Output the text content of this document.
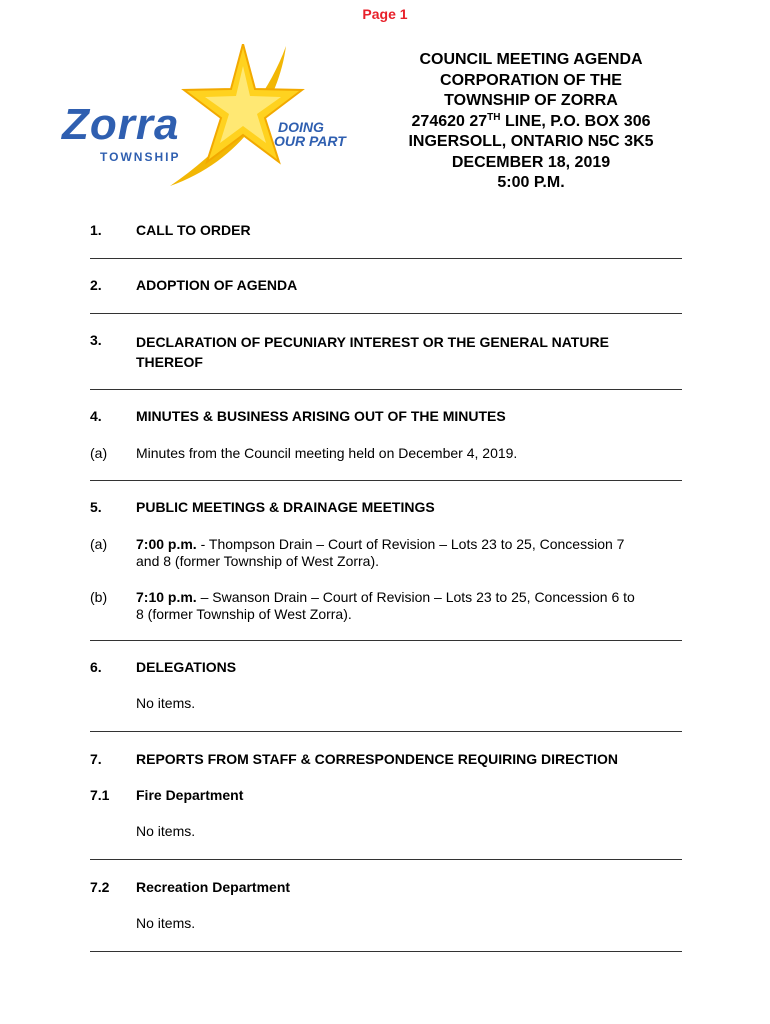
Page 1
Zorra
TOWNSHIP
DOING
OUR PART
COUNCIL MEETING AGENDA
CORPORATION OF THE
TOWNSHIP OF ZORRA
274620 27TH LINE, P.O. BOX 306
INGERSOLL, ONTARIO N5C 3K5
DECEMBER 18, 2019
5:00 P.M.
1.	CALL TO ORDER
2.	ADOPTION OF AGENDA
3.	DECLARATION OF PECUNIARY INTEREST OR THE GENERAL NATURE
THEREOF
4.	MINUTES & BUSINESS ARISING OUT OF THE MINUTES
(a)	Minutes from the Council meeting held on December 4, 2019.
5.	PUBLIC MEETINGS & DRAINAGE MEETINGS
(a)	7:00 p.m. - Thompson Drain – Court of Revision – Lots 23 to 25, Concession 7
and 8 (former Township of West Zorra).
(b)	7:10 p.m. – Swanson Drain – Court of Revision – Lots 23 to 25, Concession 6 to
8 (former Township of West Zorra).
6.	DELEGATIONS
No items.
7.	REPORTS FROM STAFF & CORRESPONDENCE REQUIRING DIRECTION
7.1	Fire Department
No items.
7.2	Recreation Department
No items.
